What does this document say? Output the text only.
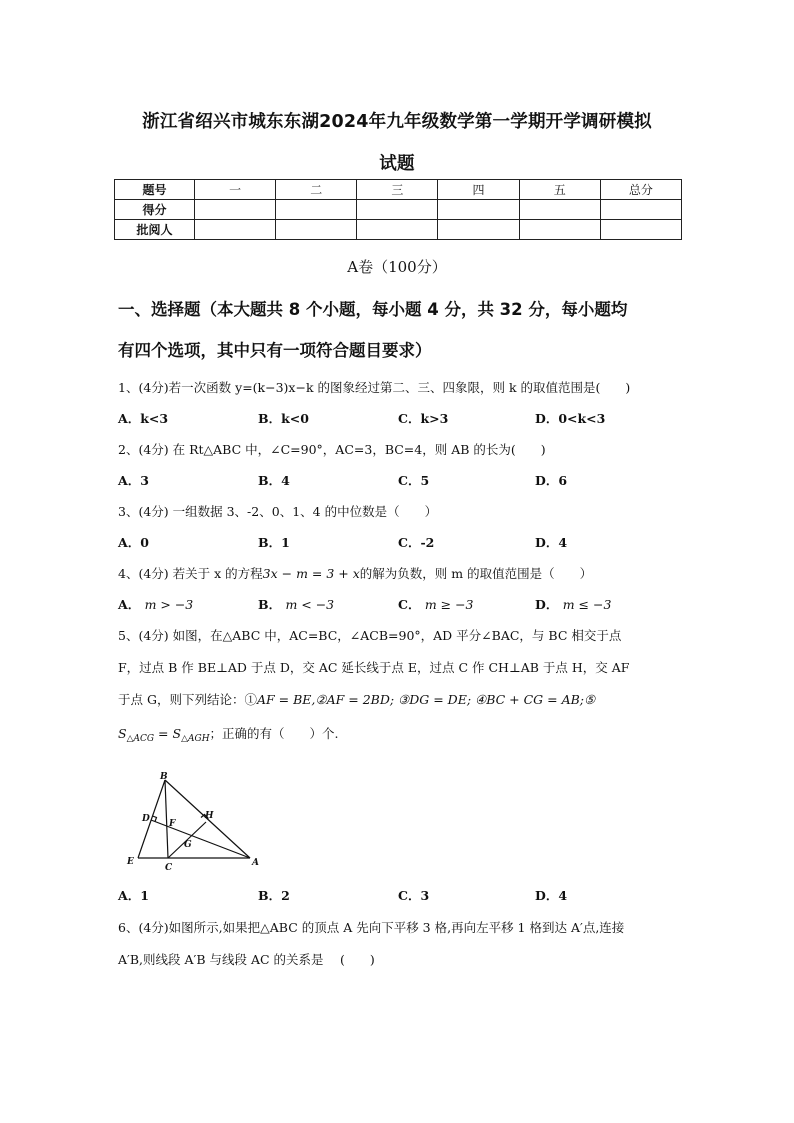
浙江省绍兴市城东东湖2024年九年级数学第一学期开学调研模拟
试题
题号	一	二	三	四	五	总分
得分						
批阅人						
A卷（100分）
一、选择题（本大题共 8 个小题，每小题 4 分，共 32 分，每小题均
有四个选项，其中只有一项符合题目要求）
1、(4分)若一次函数 y=(k−3)x−k 的图象经过第二、三、四象限，则 k 的取值范围是(　　)
A．k<3	B．k<0	C．k>3	D．0<k<3
2、(4分) 在 Rt△ABC 中，∠C=90°，AC=3，BC=4，则 AB 的长为(　　)
A．3	B．4	C．5	D．6
3、(4分) 一组数据 3、-2、0、1、4 的中位数是（　　）
A．0	B．1	C．-2	D．4
4、(4分) 若关于 x 的方程3x − m = 3 + x的解为负数，则 m 的取值范围是（　　）
A． m > −3	B． m < −3	C． m ≥ −3	D． m ≤ −3
5、(4分) 如图，在△ABC 中，AC=BC，∠ACB=90°，AD 平分∠BAC，与 BC 相交于点
F，过点 B 作 BE⊥AD 于点 D，交 AC 延长线于点 E，过点 C 作 CH⊥AB 于点 H，交 AF
于点 G，则下列结论：①AF = BE,②AF = 2BD; ③DG = DE; ④BC + CG = AB;⑤
$S_{\triangle ACG} = S_{\triangle AGH}$；正确的有（　　）个.
B
D F
H
G
E
C	A
A．1	B．2	C．3	D．4
6、(4分)如图所示,如果把△ABC 的顶点 A 先向下平移 3 格,再向左平移 1 格到达 A′点,连接
A′B,则线段 A′B 与线段 AC 的关系是　 (　　)
